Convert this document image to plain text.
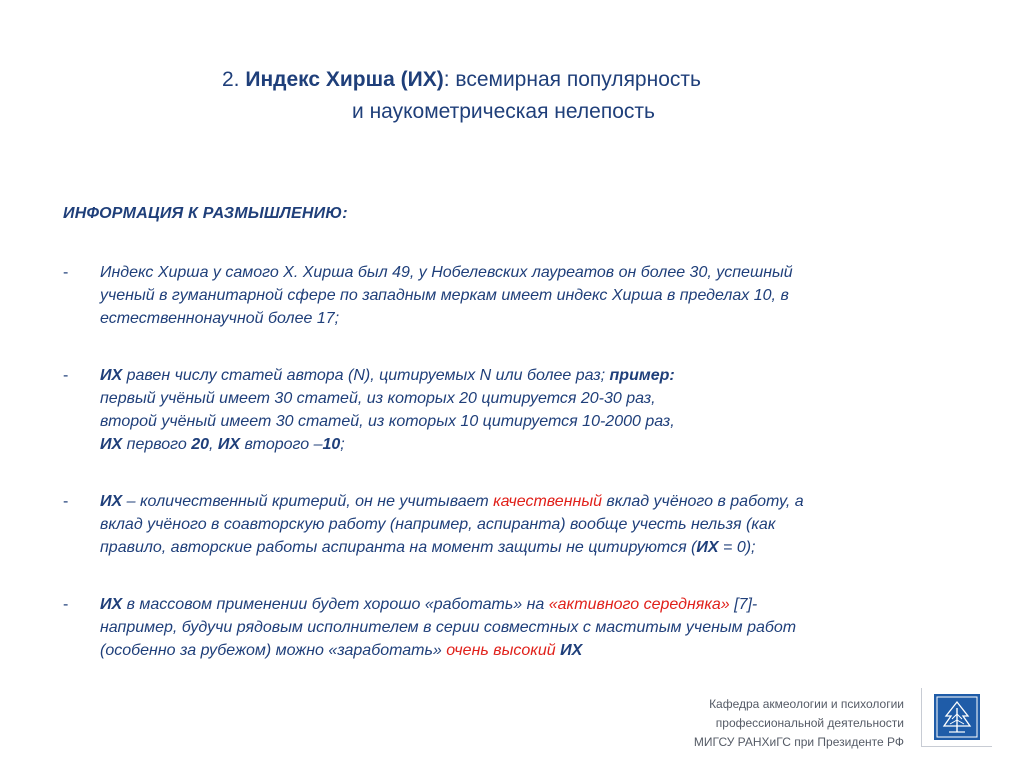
2. Индекс Хирша (ИХ): всемирная популярность
и наукометрическая нелепость
ИНФОРМАЦИЯ К РАЗМЫШЛЕНИЮ:
- Индекс Хирша у самого Х. Хирша был 49, у Нобелевских лауреатов он более 30, успешный
ученый в гуманитарной сфере по западным меркам имеет индекс Хирша в пределах 10, в
естественнонаучной более 17;
- ИХ равен числу статей автора (N), цитируемых N или более раз; пример:
первый учёный имеет 30 статей, из которых 20 цитируется 20-30 раз,
второй учёный имеет 30 статей, из которых 10 цитируется 10-2000 раз,
ИХ первого 20, ИХ второго –10;
- ИХ – количественный критерий, он не учитывает качественный вклад учёного в работу, а
вклад учёного в соавторскую работу (например, аспиранта) вообще учесть нельзя (как
правило, авторские работы аспиранта на момент защиты не цитируются (ИХ = 0);
- ИХ в массовом применении будет хорошо «работать» на «активного середняка» [7]-
например, будучи рядовым исполнителем в серии совместных с маститым ученым работ
(особенно за рубежом) можно «заработать» очень высокий ИХ
Кафедра акмеологии и психологии
профессиональной деятельности
МИГСУ РАНХиГС при Президенте РФ
